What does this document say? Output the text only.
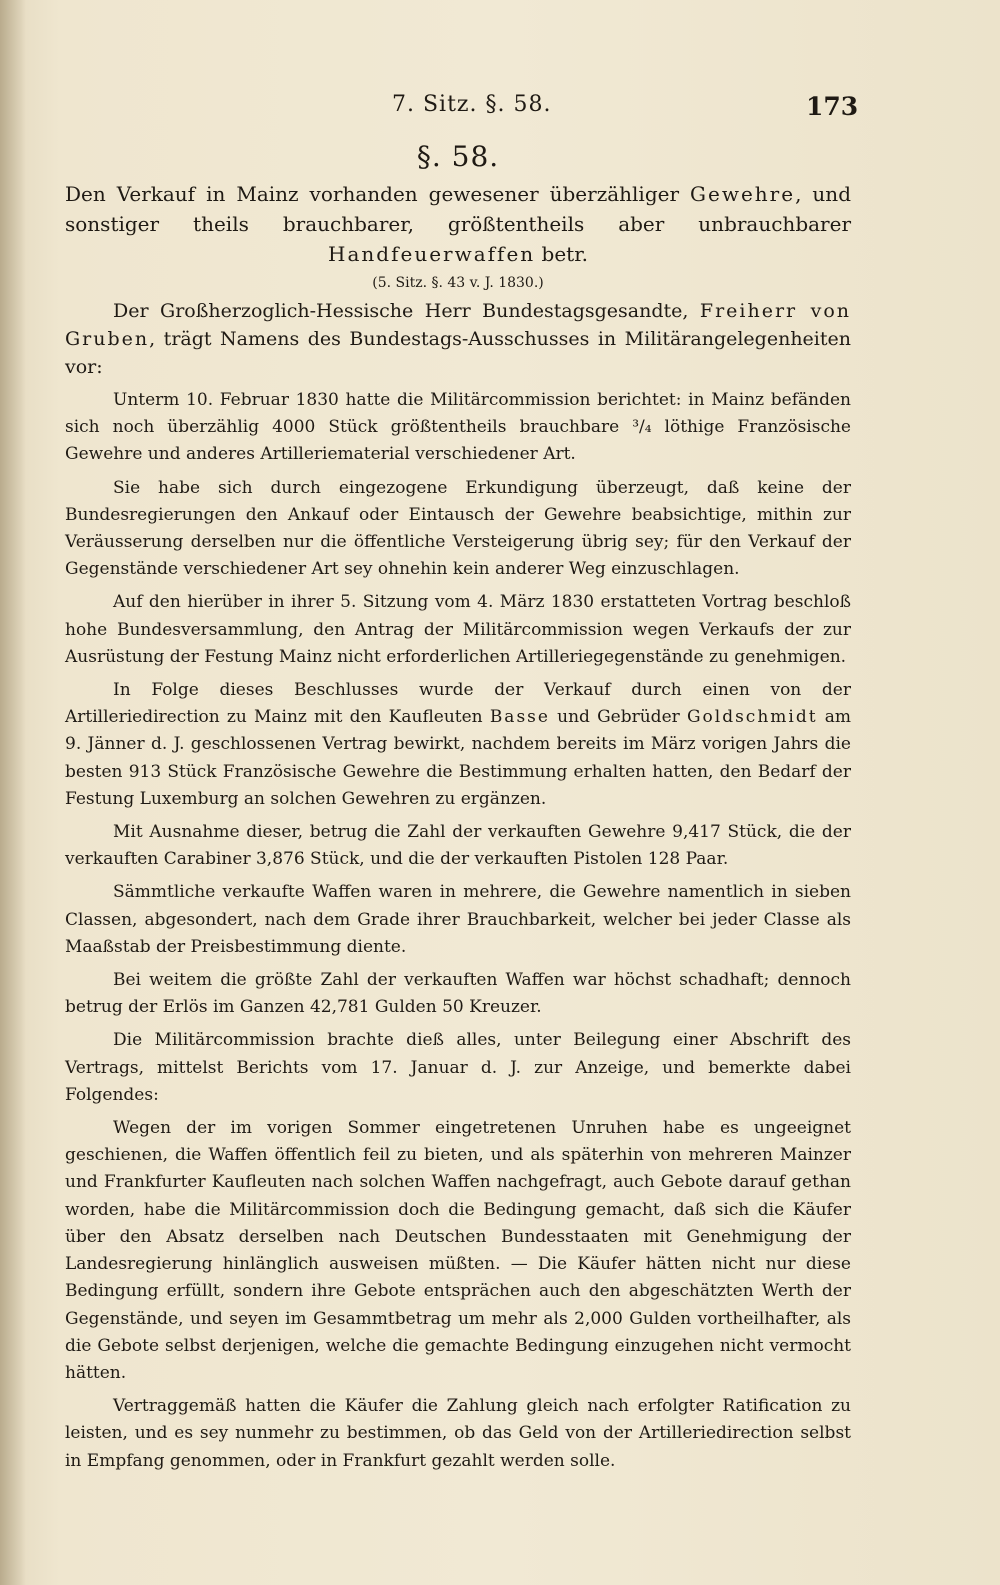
7. Sitz. §. 58.	173
§. 58.

Den Verkauf in Mainz vorhanden gewesener überzähliger Gewehre, und sonstiger theils brauchbarer, größtentheils aber unbrauchbarer Handfeuerwaffen betr.

(5. Sitz. §. 43 v. J. 1830.)

Der Großherzoglich-Hessische Herr Bundestagsgesandte, Freiherr von Gruben, trägt Namens des Bundestags-Ausschusses in Militärangelegenheiten vor:

Unterm 10. Februar 1830 hatte die Militärcommission berichtet: in Mainz befänden sich noch überzählig 4000 Stück größtentheils brauchbare ³/₄ löthige Französische Gewehre und anderes Artilleriematerial verschiedener Art.

Sie habe sich durch eingezogene Erkundigung überzeugt, daß keine der Bundesregierungen den Ankauf oder Eintausch der Gewehre beabsichtige, mithin zur Veräusserung derselben nur die öffentliche Versteigerung übrig sey; für den Verkauf der Gegenstände verschiedener Art sey ohnehin kein anderer Weg einzuschlagen.

Auf den hierüber in ihrer 5. Sitzung vom 4. März 1830 erstatteten Vortrag beschloß hohe Bundesversammlung, den Antrag der Militärcommission wegen Verkaufs der zur Ausrüstung der Festung Mainz nicht erforderlichen Artilleriegegenstände zu genehmigen.

In Folge dieses Beschlusses wurde der Verkauf durch einen von der Artilleriedirection zu Mainz mit den Kaufleuten Basse und Gebrüder Goldschmidt am 9. Jänner d. J. geschlossenen Vertrag bewirkt, nachdem bereits im März vorigen Jahrs die besten 913 Stück Französische Gewehre die Bestimmung erhalten hatten, den Bedarf der Festung Luxemburg an solchen Gewehren zu ergänzen.

Mit Ausnahme dieser, betrug die Zahl der verkauften Gewehre 9,417 Stück, die der verkauften Carabiner 3,876 Stück, und die der verkauften Pistolen 128 Paar.

Sämmtliche verkaufte Waffen waren in mehrere, die Gewehre namentlich in sieben Classen, abgesondert, nach dem Grade ihrer Brauchbarkeit, welcher bei jeder Classe als Maaßstab der Preisbestimmung diente.

Bei weitem die größte Zahl der verkauften Waffen war höchst schadhaft; dennoch betrug der Erlös im Ganzen 42,781 Gulden 50 Kreuzer.

Die Militärcommission brachte dieß alles, unter Beilegung einer Abschrift des Vertrags, mittelst Berichts vom 17. Januar d. J. zur Anzeige, und bemerkte dabei Folgendes:

Wegen der im vorigen Sommer eingetretenen Unruhen habe es ungeeignet geschienen, die Waffen öffentlich feil zu bieten, und als späterhin von mehreren Mainzer und Frankfurter Kaufleuten nach solchen Waffen nachgefragt, auch Gebote darauf gethan worden, habe die Militärcommission doch die Bedingung gemacht, daß sich die Käufer über den Absatz derselben nach Deutschen Bundesstaaten mit Genehmigung der Landesregierung hinlänglich ausweisen müßten. — Die Käufer hätten nicht nur diese Bedingung erfüllt, sondern ihre Gebote entsprächen auch den abgeschätzten Werth der Gegenstände, und seyen im Gesammtbetrag um mehr als 2,000 Gulden vortheilhafter, als die Gebote selbst derjenigen, welche die gemachte Bedingung einzugehen nicht vermocht hätten.

Vertraggemäß hatten die Käufer die Zahlung gleich nach erfolgter Ratification zu leisten, und es sey nunmehr zu bestimmen, ob das Geld von der Artilleriedirection selbst in Empfang genommen, oder in Frankfurt gezahlt werden solle.
